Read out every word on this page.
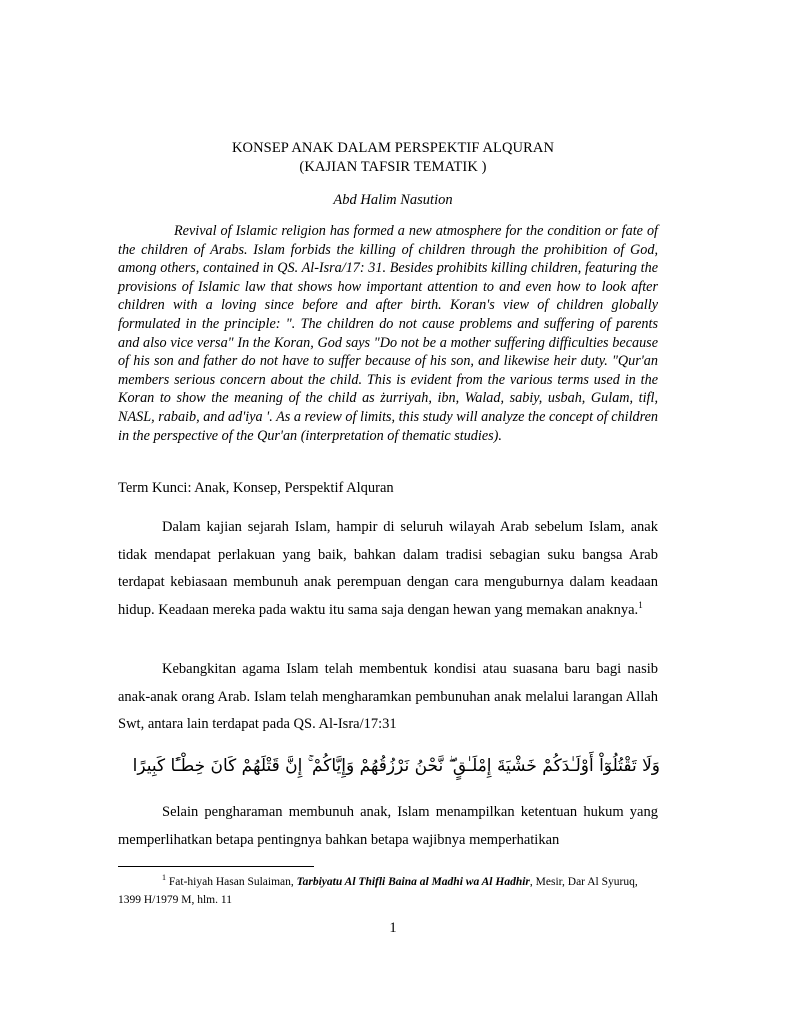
KONSEP ANAK DALAM PERSPEKTIF ALQURAN
(KAJIAN TAFSIR TEMATIK )
Abd Halim Nasution

Revival of Islamic religion has formed a new atmosphere for the condition or fate of the children of Arabs. Islam forbids the killing of children through the prohibition of God, among others, contained in QS. Al-Isra/17: 31. Besides prohibits killing children, featuring the provisions of Islamic law that shows how important attention to and even how to look after children with a loving since before and after birth. Koran's view of children globally formulated in the principle: ". The children do not cause problems and suffering of parents and also vice versa" In the Koran, God says "Do not be a mother suffering difficulties because of his son and father do not have to suffer because of his son, and likewise heir duty. "Qur'an members serious concern about the child. This is evident from the various terms used in the Koran to show the meaning of the child as żurriyah, ibn, Walad, sabiy, usbah, Gulam, tifl, NASL, rabaib, and ad'iya '. As a review of limits, this study will analyze the concept of children in the perspective of the Qur'an (interpretation of thematic studies).

Term Kunci: Anak, Konsep, Perspektif Alquran

Dalam kajian sejarah Islam, hampir di seluruh wilayah Arab sebelum Islam, anak tidak mendapat perlakuan yang baik, bahkan dalam tradisi sebagian suku bangsa Arab terdapat kebiasaan membunuh anak perempuan dengan cara menguburnya dalam keadaan hidup. Keadaan mereka pada waktu itu sama saja dengan hewan yang memakan anaknya.$^1$

Kebangkitan agama Islam telah membentuk kondisi atau suasana baru bagi nasib anak-anak orang Arab. Islam telah mengharamkan pembunuhan anak melalui larangan Allah Swt, antara lain terdapat pada QS. Al-Isra/17:31

وَلَا تَقْتُلُوٓاْ أَوْلَـٰدَكُمْ خَشْيَةَ إِمْلَـٰقٍ ۖ نَّحْنُ نَرْزُقُهُمْ وَإِيَّاكُمْ ۚ إِنَّ قَتْلَهُمْ كَانَ خِطْـًٔا كَبِيرًا

Selain pengharaman membunuh anak, Islam menampilkan ketentuan hukum yang memperlihatkan betapa pentingnya bahkan betapa wajibnya memperhatikan

$^1$ Fat-hiyah Hasan Sulaiman, Tarbiyatu Al Thifli Baina al Madhi wa Al Hadhir, Mesir, Dar Al Syuruq, 1399 H/1979 M, hlm. 11

1
